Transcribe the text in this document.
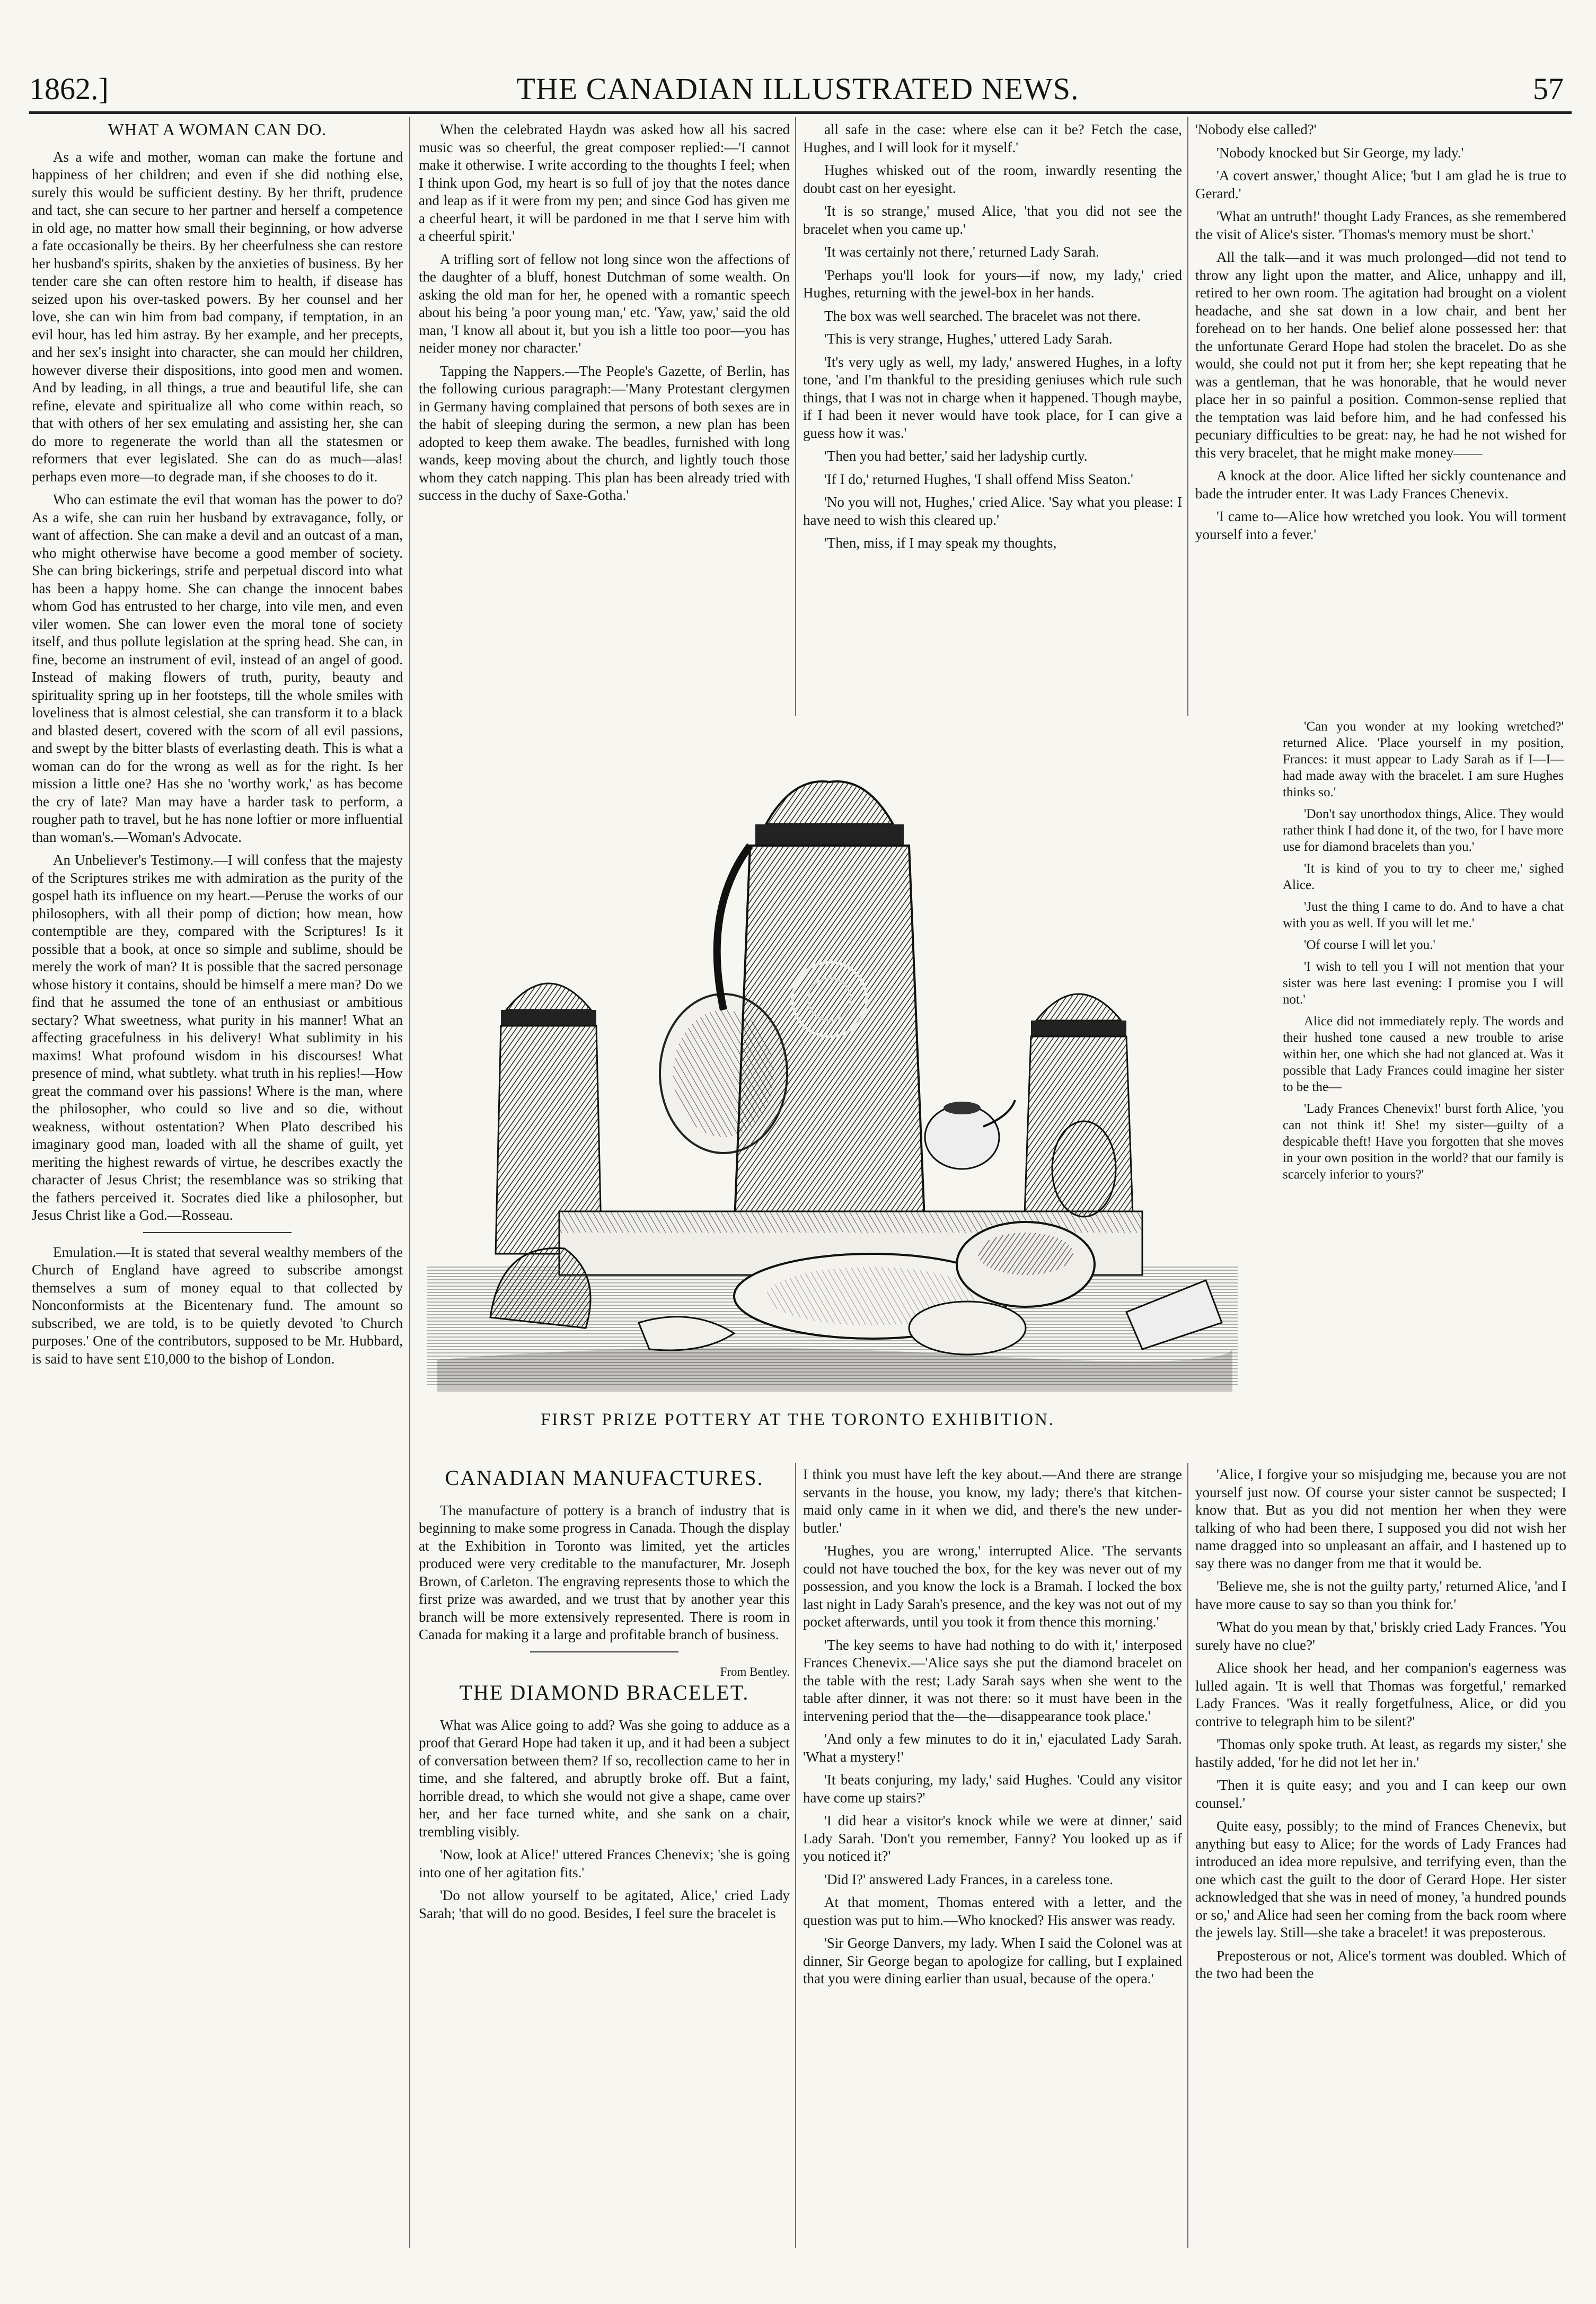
1862.]	THE CANADIAN ILLUSTRATED NEWS.	57
WHAT A WOMAN CAN DO.

As a wife and mother, woman can make the fortune and happiness of her children; and even if she did nothing else, surely this would be sufficient destiny. By her thrift, prudence and tact, she can secure to her partner and herself a competence in old age, no matter how small their beginning, or how adverse a fate occasionally be theirs. By her cheerfulness she can restore her husband's spirits, shaken by the anxieties of business. By her tender care she can often restore him to health, if disease has seized upon his over-tasked powers. By her counsel and her love, she can win him from bad company, if temptation, in an evil hour, has led him astray. By her example, and her precepts, and her sex's insight into character, she can mould her children, however diverse their dispositions, into good men and women. And by leading, in all things, a true and beautiful life, she can refine, elevate and spiritualize all who come within reach, so that with others of her sex emulating and assisting her, she can do more to regenerate the world than all the statesmen or reformers that ever legislated. She can do as much—alas! perhaps even more—to degrade man, if she chooses to do it.

Who can estimate the evil that woman has the power to do? As a wife, she can ruin her husband by extravagance, folly, or want of affection. She can make a devil and an outcast of a man, who might otherwise have become a good member of society. She can bring bickerings, strife and perpetual discord into what has been a happy home. She can change the innocent babes whom God has entrusted to her charge, into vile men, and even viler women. She can lower even the moral tone of society itself, and thus pollute legislation at the spring head. She can, in fine, become an instrument of evil, instead of an angel of good. Instead of making flowers of truth, purity, beauty and spirituality spring up in her footsteps, till the whole smiles with loveliness that is almost celestial, she can transform it to a black and blasted desert, covered with the scorn of all evil passions, and swept by the bitter blasts of everlasting death. This is what a woman can do for the wrong as well as for the right. Is her mission a little one? Has she no 'worthy work,' as has become the cry of late? Man may have a harder task to perform, a rougher path to travel, but he has none loftier or more influential than woman's.—Woman's Advocate.

An Unbeliever's Testimony.—I will confess that the majesty of the Scriptures strikes me with admiration as the purity of the gospel hath its influence on my heart.—Peruse the works of our philosophers, with all their pomp of diction; how mean, how contemptible are they, compared with the Scriptures! Is it possible that a book, at once so simple and sublime, should be merely the work of man? It is possible that the sacred personage whose history it contains, should be himself a mere man? Do we find that he assumed the tone of an enthusiast or ambitious sectary? What sweetness, what purity in his manner! What an affecting gracefulness in his delivery! What sublimity in his maxims! What profound wisdom in his discourses! What presence of mind, what subtlety. what truth in his replies!—How great the command over his passions! Where is the man, where the philosopher, who could so live and so die, without weakness, without ostentation? When Plato described his imaginary good man, loaded with all the shame of guilt, yet meriting the highest rewards of virtue, he describes exactly the character of Jesus Christ; the resemblance was so striking that the fathers perceived it. Socrates died like a philosopher, but Jesus Christ like a God.—Rosseau.

Emulation.—It is stated that several wealthy members of the Church of England have agreed to subscribe amongst themselves a sum of money equal to that collected by Nonconformists at the Bicentenary fund. The amount so subscribed, we are told, is to be quietly devoted 'to Church purposes.' One of the contributors, supposed to be Mr. Hubbard, is said to have sent £10,000 to the bishop of London.

When the celebrated Haydn was asked how all his sacred music was so cheerful, the great composer replied:—'I cannot make it otherwise. I write according to the thoughts I feel; when I think upon God, my heart is so full of joy that the notes dance and leap as if it were from my pen; and since God has given me a cheerful heart, it will be pardoned in me that I serve him with a cheerful spirit.'

A trifling sort of fellow not long since won the affections of the daughter of a bluff, honest Dutchman of some wealth. On asking the old man for her, he opened with a romantic speech about his being 'a poor young man,' etc. 'Yaw, yaw,' said the old man, 'I know all about it, but you ish a little too poor—you has neider money nor character.'

Tapping the Nappers.—The People's Gazette, of Berlin, has the following curious paragraph:—'Many Protestant clergymen in Germany having complained that persons of both sexes are in the habit of sleeping during the sermon, a new plan has been adopted to keep them awake. The beadles, furnished with long wands, keep moving about the church, and lightly touch those whom they catch napping. This plan has been already tried with success in the duchy of Saxe-Gotha.'

all safe in the case: where else can it be? Fetch the case, Hughes, and I will look for it myself.'

Hughes whisked out of the room, inwardly resenting the doubt cast on her eyesight.

'It is so strange,' mused Alice, 'that you did not see the bracelet when you came up.'

'It was certainly not there,' returned Lady Sarah.

'Perhaps you'll look for yours—if now, my lady,' cried Hughes, returning with the jewel-box in her hands.

The box was well searched. The bracelet was not there.

'This is very strange, Hughes,' uttered Lady Sarah.

'It's very ugly as well, my lady,' answered Hughes, in a lofty tone, 'and I'm thankful to the presiding geniuses which rule such things, that I was not in charge when it happened. Though maybe, if I had been it never would have took place, for I can give a guess how it was.'

'Then you had better,' said her ladyship curtly.

'If I do,' returned Hughes, 'I shall offend Miss Seaton.'

'No you will not, Hughes,' cried Alice. 'Say what you please: I have need to wish this cleared up.'

'Then, miss, if I may speak my thoughts,

'Nobody else called?'

'Nobody knocked but Sir George, my lady.'

'A covert answer,' thought Alice; 'but I am glad he is true to Gerard.'

'What an untruth!' thought Lady Frances, as she remembered the visit of Alice's sister. 'Thomas's memory must be short.'

All the talk—and it was much prolonged—did not tend to throw any light upon the matter, and Alice, unhappy and ill, retired to her own room. The agitation had brought on a violent headache, and she sat down in a low chair, and bent her forehead on to her hands. One belief alone possessed her: that the unfortunate Gerard Hope had stolen the bracelet. Do as she would, she could not put it from her; she kept repeating that he was a gentleman, that he was honorable, that he would never place her in so painful a position. Common-sense replied that the temptation was laid before him, and he had confessed his pecuniary difficulties to be great: nay, he had he not wished for this very bracelet, that he might make money——

A knock at the door. Alice lifted her sickly countenance and bade the intruder enter. It was Lady Frances Chenevix.

'I came to—Alice how wretched you look. You will torment yourself into a fever.'

'Can you wonder at my looking wretched?' returned Alice. 'Place yourself in my position, Frances: it must appear to Lady Sarah as if I—I—had made away with the bracelet. I am sure Hughes thinks so.'

'Don't say unorthodox things, Alice. They would rather think I had done it, of the two, for I have more use for diamond bracelets than you.'

'It is kind of you to try to cheer me,' sighed Alice.

'Just the thing I came to do. And to have a chat with you as well. If you will let me.'

'Of course I will let you.'

'I wish to tell you I will not mention that your sister was here last evening: I promise you I will not.'

Alice did not immediately reply. The words and their hushed tone caused a new trouble to arise within her, one which she had not glanced at. Was it possible that Lady Frances could imagine her sister to be the—

'Lady Frances Chenevix!' burst forth Alice, 'you can not think it! She! my sister—guilty of a despicable theft! Have you forgotten that she moves in your own position in the world? that our family is scarcely inferior to yours?'

FIRST PRIZE POTTERY AT THE TORONTO EXHIBITION.
CANADIAN MANUFACTURES.

The manufacture of pottery is a branch of industry that is beginning to make some progress in Canada. Though the display at the Exhibition in Toronto was limited, yet the articles produced were very creditable to the manufacturer, Mr. Joseph Brown, of Carleton. The engraving represents those to which the first prize was awarded, and we trust that by another year this branch will be more extensively represented. There is room in Canada for making it a large and profitable branch of business.

From Bentley.
THE DIAMOND BRACELET.

What was Alice going to add? Was she going to adduce as a proof that Gerard Hope had taken it up, and it had been a subject of conversation between them? If so, recollection came to her in time, and she faltered, and abruptly broke off. But a faint, horrible dread, to which she would not give a shape, came over her, and her face turned white, and she sank on a chair, trembling visibly.

'Now, look at Alice!' uttered Frances Chenevix; 'she is going into one of her agitation fits.'

'Do not allow yourself to be agitated, Alice,' cried Lady Sarah; 'that will do no good. Besides, I feel sure the bracelet is

I think you must have left the key about.—And there are strange servants in the house, you know, my lady; there's that kitchen-maid only came in it when we did, and there's the new under-butler.'

'Hughes, you are wrong,' interrupted Alice. 'The servants could not have touched the box, for the key was never out of my possession, and you know the lock is a Bramah. I locked the box last night in Lady Sarah's presence, and the key was not out of my pocket afterwards, until you took it from thence this morning.'

'The key seems to have had nothing to do with it,' interposed Frances Chenevix.—'Alice says she put the diamond bracelet on the table with the rest; Lady Sarah says when she went to the table after dinner, it was not there: so it must have been in the intervening period that the—the—disappearance took place.'

'And only a few minutes to do it in,' ejaculated Lady Sarah. 'What a mystery!'

'It beats conjuring, my lady,' said Hughes. 'Could any visitor have come up stairs?'

'I did hear a visitor's knock while we were at dinner,' said Lady Sarah. 'Don't you remember, Fanny? You looked up as if you noticed it?'

'Did I?' answered Lady Frances, in a careless tone.

At that moment, Thomas entered with a letter, and the question was put to him.—Who knocked? His answer was ready.

'Sir George Danvers, my lady. When I said the Colonel was at dinner, Sir George began to apologize for calling, but I explained that you were dining earlier than usual, because of the opera.'

'Alice, I forgive your so misjudging me, because you are not yourself just now. Of course your sister cannot be suspected; I know that. But as you did not mention her when they were talking of who had been there, I supposed you did not wish her name dragged into so unpleasant an affair, and I hastened up to say there was no danger from me that it would be.

'Believe me, she is not the guilty party,' returned Alice, 'and I have more cause to say so than you think for.'

'What do you mean by that,' briskly cried Lady Frances. 'You surely have no clue?'

Alice shook her head, and her companion's eagerness was lulled again. 'It is well that Thomas was forgetful,' remarked Lady Frances. 'Was it really forgetfulness, Alice, or did you contrive to telegraph him to be silent?'

'Thomas only spoke truth. At least, as regards my sister,' she hastily added, 'for he did not let her in.'

'Then it is quite easy; and you and I can keep our own counsel.'

Quite easy, possibly; to the mind of Frances Chenevix, but anything but easy to Alice; for the words of Lady Frances had introduced an idea more repulsive, and terrifying even, than the one which cast the guilt to the door of Gerard Hope. Her sister acknowledged that she was in need of money, 'a hundred pounds or so,' and Alice had seen her coming from the back room where the jewels lay. Still—she take a bracelet! it was preposterous.

Preposterous or not, Alice's torment was doubled. Which of the two had been the
